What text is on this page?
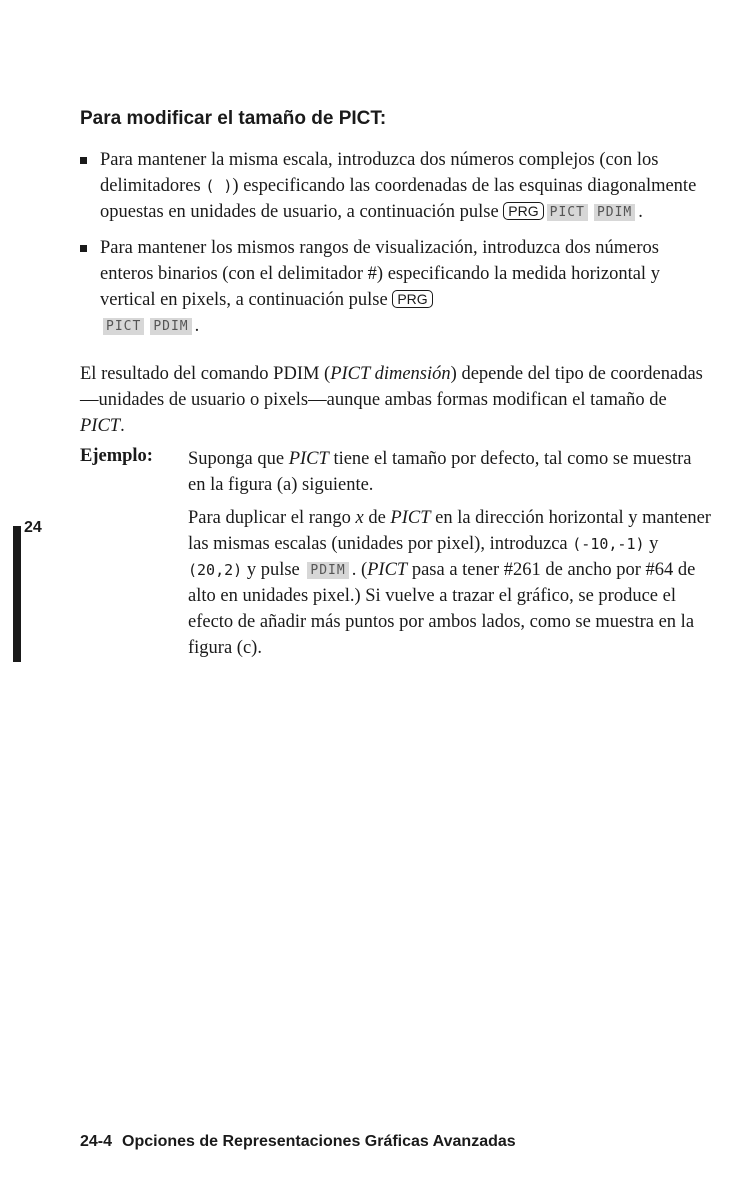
Para modificar el tamaño de PICT:
Para mantener la misma escala, introduzca dos números complejos (con los delimitadores ( )) especificando las coordenadas de las esquinas diagonalmente opuestas en unidades de usuario, a continuación pulse PRG PICT PDIM .
Para mantener los mismos rangos de visualización, introduzca dos números enteros binarios (con el delimitador #) especificando la medida horizontal y vertical en pixels, a continuación pulse PRG
PICT PDIM .

El resultado del comando PDIM (PICT dimensión) depende del tipo de coordenadas—unidades de usuario o pixels—aunque ambas formas modifican el tamaño de PICT.

Ejemplo: Suponga que PICT tiene el tamaño por defecto, tal como se muestra en la figura (a) siguiente.

Para duplicar el rango x de PICT en la dirección horizontal y mantener las mismas escalas (unidades por pixel), introduzca (-10,-1) y (20,2) y pulse PDIM . (PICT pasa a tener #261 de ancho por #64 de alto en unidades pixel.) Si vuelve a trazar el gráfico, se produce el efecto de añadir más puntos por ambos lados, como se muestra en la figura (c).

24

24-4 Opciones de Representaciones Gráficas Avanzadas
